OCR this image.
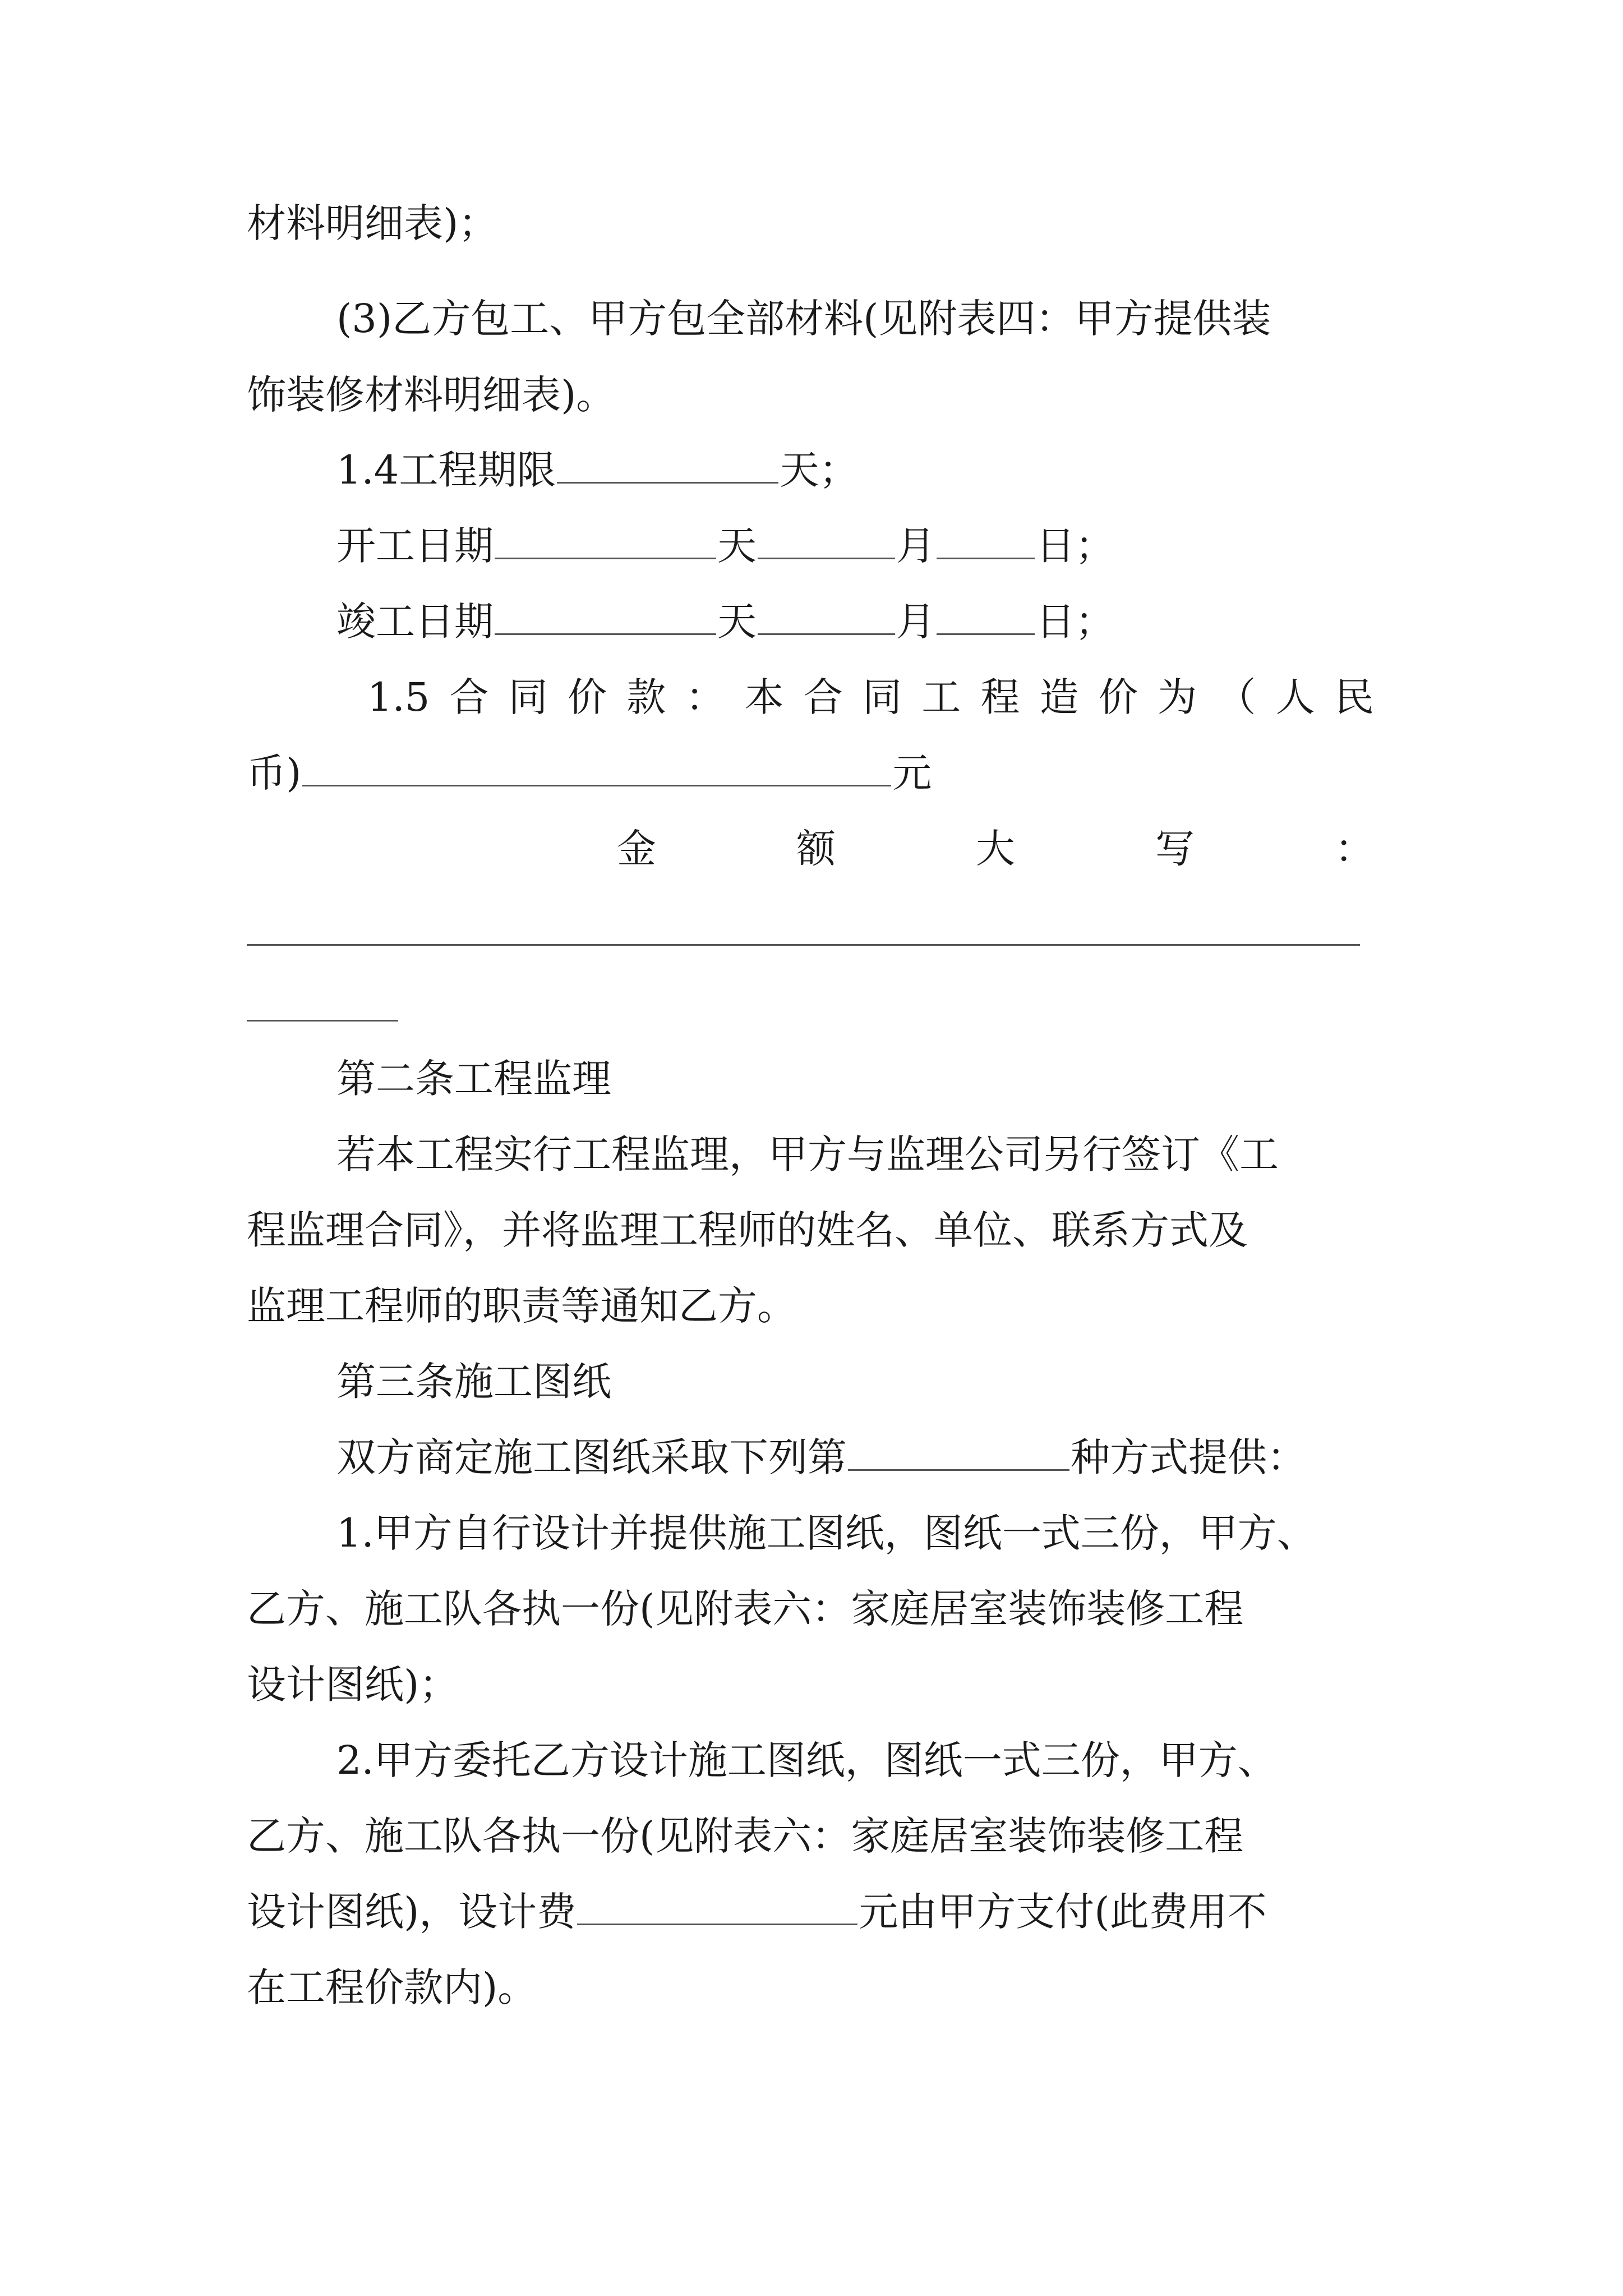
材料明细表)；
(3)乙方包工、甲方包全部材料(见附表四：甲方提供装
饰装修材料明细表)。
1.4工程期限	天；
开工日期	天	月	日；
竣工日期	天	月	日；
1.5 合 同 价 款 ： 本 合 同 工 程 造 价 为 （ 人 民
币)	元
金	额	大	写	：
第二条工程监理
若本工程实行工程监理，甲方与监理公司另行签订《工
程监理合同》，并将监理工程师的姓名、单位、联系方式及
监理工程师的职责等通知乙方。
第三条施工图纸
双方商定施工图纸采取下列第	种方式提供：
1.甲方自行设计并提供施工图纸，图纸一式三份，甲方、
乙方、施工队各执一份(见附表六：家庭居室装饰装修工程
设计图纸)；
2.甲方委托乙方设计施工图纸，图纸一式三份，甲方、
乙方、施工队各执一份(见附表六：家庭居室装饰装修工程
设计图纸)，设计费	元由甲方支付(此费用不
在工程价款内)。
